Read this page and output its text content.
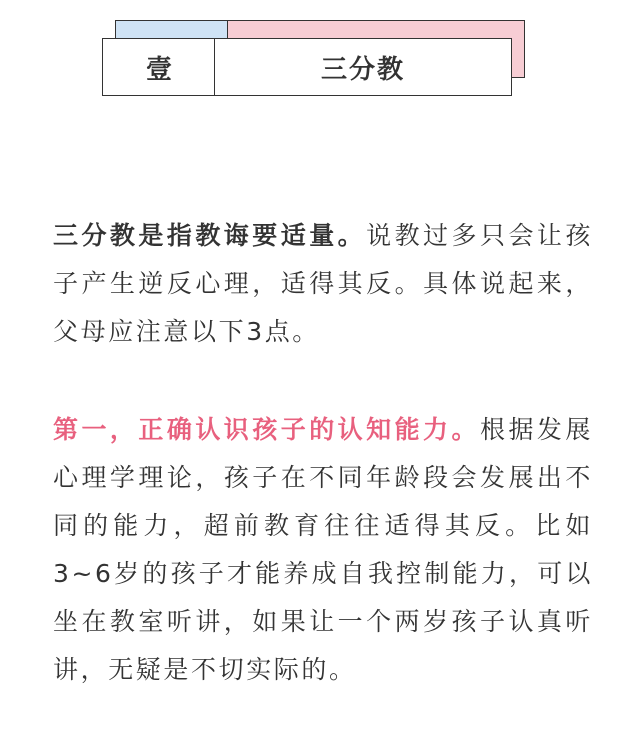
壹	三分教

三分教是指教诲要适量。说教过多只会让孩子产生逆反心理，适得其反。具体说起来，父母应注意以下3点。

第一，正确认识孩子的认知能力。根据发展心理学理论，孩子在不同年龄段会发展出不同的能力，超前教育往往适得其反。比如3~6岁的孩子才能养成自我控制能力，可以坐在教室听讲，如果让一个两岁孩子认真听讲，无疑是不切实际的。
